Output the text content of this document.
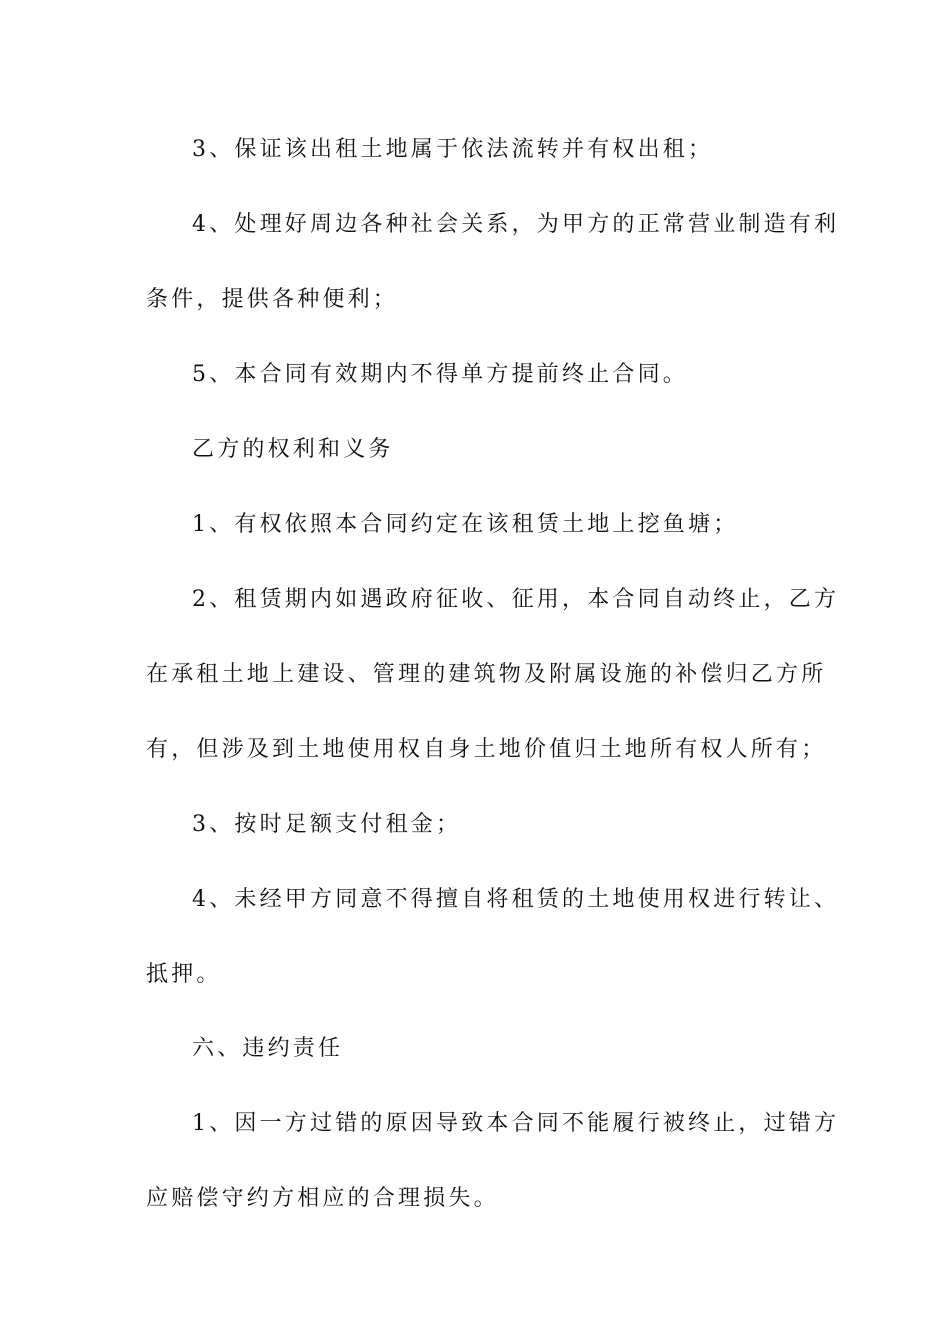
3、保证该出租土地属于依法流转并有权出租；
4、处理好周边各种社会关系，为甲方的正常营业制造有利
条件，提供各种便利；
5、本合同有效期内不得单方提前终止合同。
乙方的权利和义务
1、有权依照本合同约定在该租赁土地上挖鱼塘；
2、租赁期内如遇政府征收、征用，本合同自动终止，乙方
在承租土地上建设、管理的建筑物及附属设施的补偿归乙方所
有，但涉及到土地使用权自身土地价值归土地所有权人所有；
3、按时足额支付租金；
4、未经甲方同意不得擅自将租赁的土地使用权进行转让、
抵押。
六、违约责任
1、因一方过错的原因导致本合同不能履行被终止，过错方
应赔偿守约方相应的合理损失。
